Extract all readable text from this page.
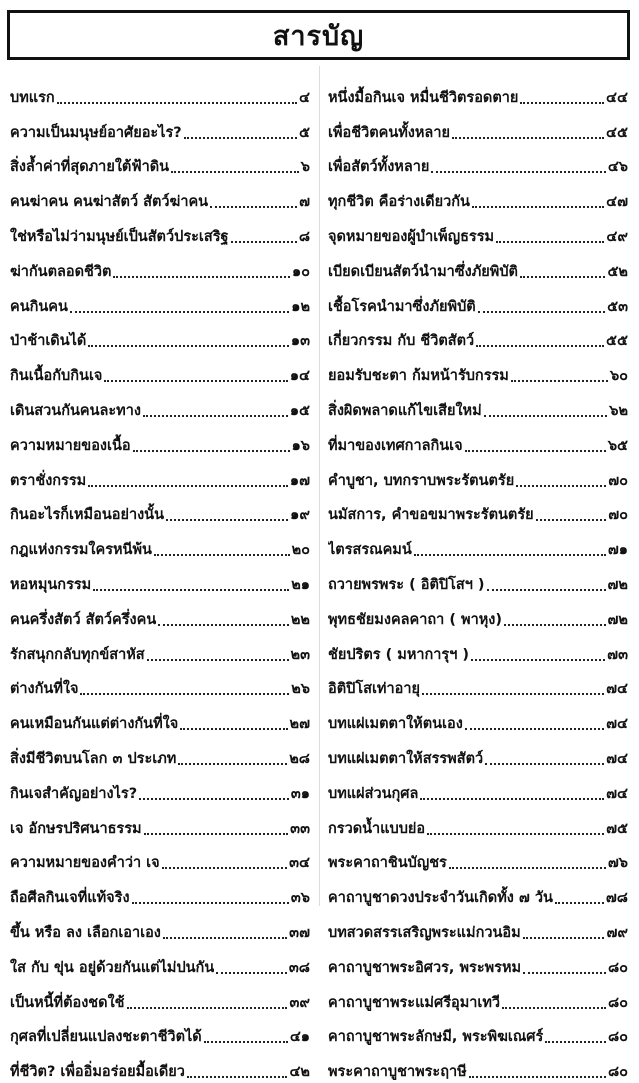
สารบัญ
บทแรก	๔
ความเป็นมนุษย์อาศัยอะไร?	๕
สิ่งล้ำค่าที่สุดภายใต้ฟ้าดิน	๖
คนฆ่าคน คนฆ่าสัตว์ สัตว์ฆ่าคน	๗
ใช่หรือไม่ว่ามนุษย์เป็นสัตว์ประเสริฐ	๘
ฆ่ากันตลอดชีวิต	๑๐
คนกินคน	๑๒
ป่าช้าเดินได้	๑๓
กินเนื้อกับกินเจ	๑๔
เดินสวนกันคนละทาง	๑๕
ความหมายของเนื้อ	๑๖
ตราชั่งกรรม	๑๗
กินอะไรก็เหมือนอย่างนั้น	๑๙
กฎแห่งกรรมใครหนีพ้น	๒๐
หอหมุนกรรม	๒๑
คนครึ่งสัตว์ สัตว์ครึ่งคน	๒๒
รักสนุกกลับทุกข์สาหัส	๒๓
ต่างกันที่ใจ	๒๖
คนเหมือนกันแต่ต่างกันที่ใจ	๒๗
สิ่งมีชีวิตบนโลก ๓ ประเภท	๒๘
กินเจสำคัญอย่างไร?	๓๑
เจ อักษรปริศนาธรรม	๓๓
ความหมายของคำว่า เจ	๓๔
ถือศีลกินเจที่แท้จริง	๓๖
ขึ้น หรือ ลง เลือกเอาเอง	๓๗
ใส กับ ขุ่น อยู่ด้วยกันแต่ไม่ปนกัน	๓๘
เป็นหนี้ที่ต้องชดใช้	๓๙
กุศลที่เปลี่ยนแปลงชะตาชีวิตได้	๔๑
ที่ชีวิต? เพื่ออิ่มอร่อยมื้อเดียว	๔๒
หนึ่งมื้อกินเจ หมื่นชีวิตรอดตาย	๔๔
เพื่อชีวิตคนทั้งหลาย	๔๕
เพื่อสัตว์ทั้งหลาย	๔๖
ทุกชีวิต คือร่างเดียวกัน	๔๗
จุดหมายของผู้บำเพ็ญธรรม	๔๙
เบียดเบียนสัตว์นำมาซึ่งภัยพิบัติ	๕๒
เชื้อโรคนำมาซึ่งภัยพิบัติ	๕๓
เกี่ยวกรรม กับ ชีวิตสัตว์	๕๕
ยอมรับชะตา ก้มหน้ารับกรรม	๖๐
สิ่งผิดพลาดแก้ไขเสียใหม่	๖๒
ที่มาของเทศกาลกินเจ	๖๕
คำบูชา, บทกราบพระรัตนตรัย	๗๐
นมัสการ, คำขอขมาพระรัตนตรัย	๗๐
ไตรสรณคมน์	๗๑
ถวายพรพระ ( อิติปิโสฯ )	๗๒
พุทธชัยมงคลคาถา ( พาหุง)	๗๒
ชัยปริตร ( มหาการุฯ )	๗๓
อิติปิโสเท่าอายุ	๗๔
บทแผ่เมตตาให้ตนเอง	๗๔
บทแผ่เมตตาให้สรรพสัตว์	๗๔
บทแผ่ส่วนกุศล	๗๔
กรวดน้ำแบบย่อ	๗๕
พระคาถาชินบัญชร	๗๖
คาถาบูชาดวงประจำวันเกิดทั้ง ๗ วัน	๗๘
บทสวดสรรเสริญพระแม่กวนอิม	๗๙
คาถาบูชาพระอิศวร, พระพรหม	๘๐
คาถาบูชาพระแม่ศรีอุมาเทวี	๘๐
คาถาบูชาพระลักษมี, พระพิฆเณศร์	๘๐
พระคาถาบูชาพระฤาษี	๘๐
